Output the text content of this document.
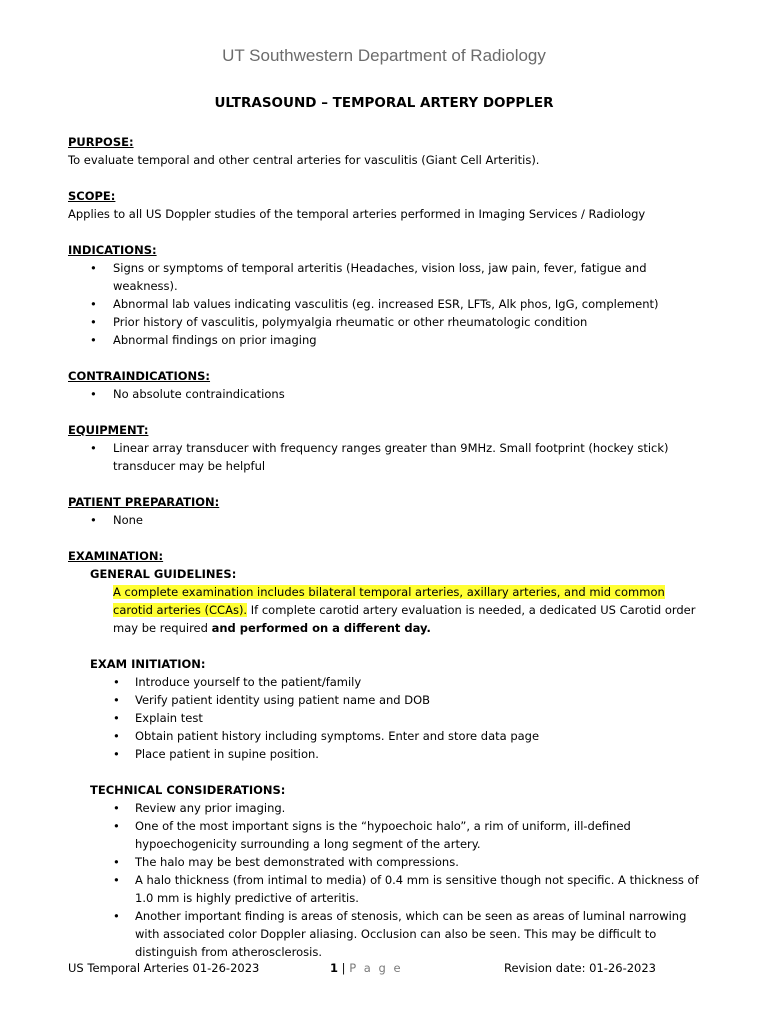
UT Southwestern Department of Radiology
ULTRASOUND – TEMPORAL ARTERY DOPPLER
PURPOSE:
To evaluate temporal and other central arteries for vasculitis (Giant Cell Arteritis).
SCOPE:
Applies to all US Doppler studies of the temporal arteries performed in Imaging Services / Radiology
INDICATIONS:
• Signs or symptoms of temporal arteritis (Headaches, vision loss, jaw pain, fever, fatigue and weakness).
• Abnormal lab values indicating vasculitis (eg. increased ESR, LFTs, Alk phos, IgG, complement)
• Prior history of vasculitis, polymyalgia rheumatic or other rheumatologic condition
• Abnormal findings on prior imaging
CONTRAINDICATIONS:
• No absolute contraindications
EQUIPMENT:
• Linear array transducer with frequency ranges greater than 9MHz. Small footprint (hockey stick) transducer may be helpful
PATIENT PREPARATION:
• None
EXAMINATION:
GENERAL GUIDELINES:
A complete examination includes bilateral temporal arteries, axillary arteries, and mid common carotid arteries (CCAs). If complete carotid artery evaluation is needed, a dedicated US Carotid order may be required and performed on a different day.
EXAM INITIATION:
• Introduce yourself to the patient/family
• Verify patient identity using patient name and DOB
• Explain test
• Obtain patient history including symptoms. Enter and store data page
• Place patient in supine position.
TECHNICAL CONSIDERATIONS:
• Review any prior imaging.
• One of the most important signs is the “hypoechoic halo”, a rim of uniform, ill-defined hypoechogenicity surrounding a long segment of the artery.
• The halo may be best demonstrated with compressions.
• A halo thickness (from intimal to media) of 0.4 mm is sensitive though not specific. A thickness of 1.0 mm is highly predictive of arteritis.
• Another important finding is areas of stenosis, which can be seen as areas of luminal narrowing with associated color Doppler aliasing. Occlusion can also be seen. This may be difficult to distinguish from atherosclerosis.
US Temporal Arteries 01-26-2023	1 | P a g e	Revision date: 01-26-2023
